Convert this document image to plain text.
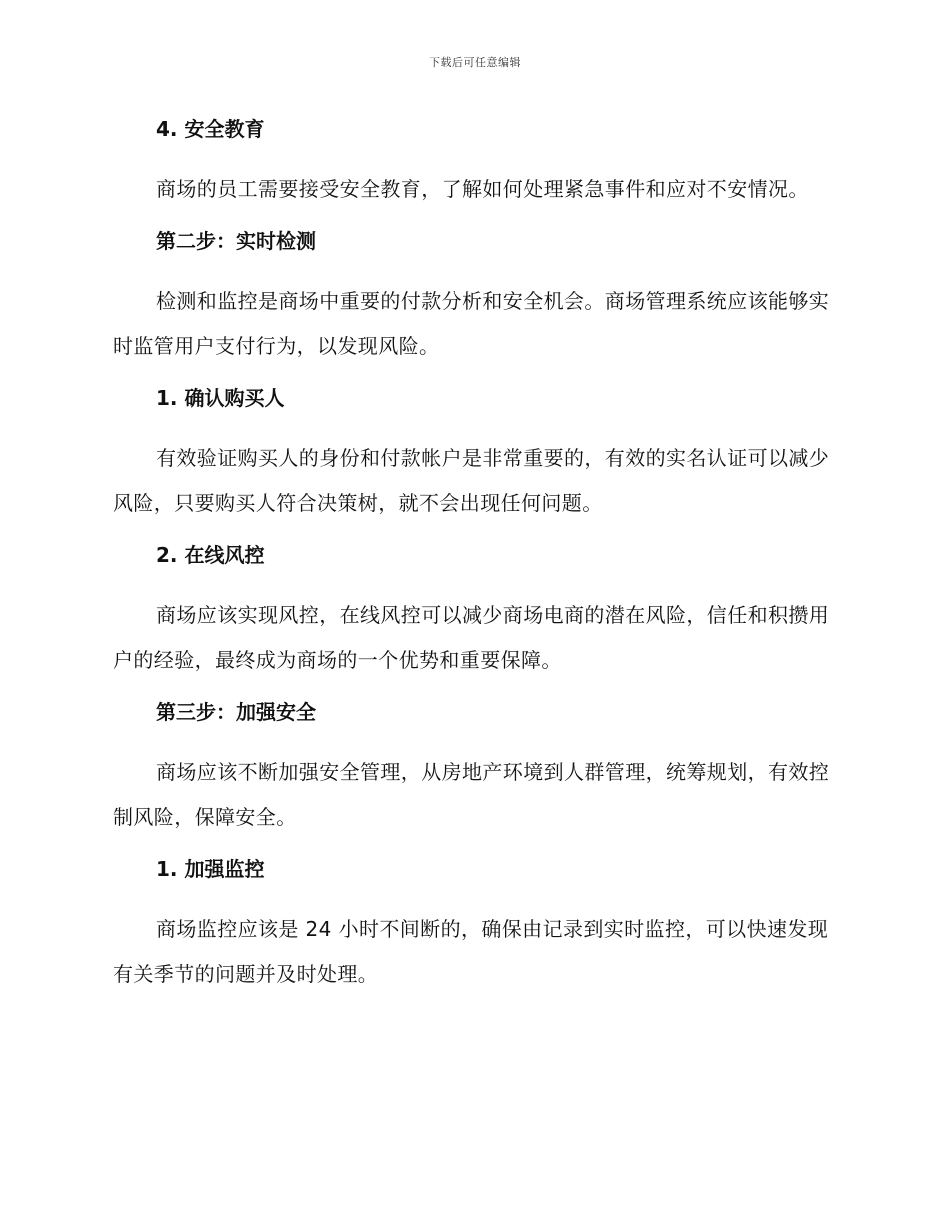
下载后可任意编辑
4. 安全教育

商场的员工需要接受安全教育，了解如何处理紧急事件和应对不安情况。

第二步：实时检测

检测和监控是商场中重要的付款分析和安全机会。商场管理系统应该能够实时监管用户支付行为，以发现风险。

1. 确认购买人

有效验证购买人的身份和付款帐户是非常重要的，有效的实名认证可以减少风险，只要购买人符合决策树，就不会出现任何问题。

2. 在线风控

商场应该实现风控，在线风控可以减少商场电商的潜在风险，信任和积攒用户的经验，最终成为商场的一个优势和重要保障。

第三步：加强安全

商场应该不断加强安全管理，从房地产环境到人群管理，统筹规划，有效控制风险，保障安全。

1. 加强监控

商场监控应该是 24 小时不间断的，确保由记录到实时监控，可以快速发现有关季节的问题并及时处理。
